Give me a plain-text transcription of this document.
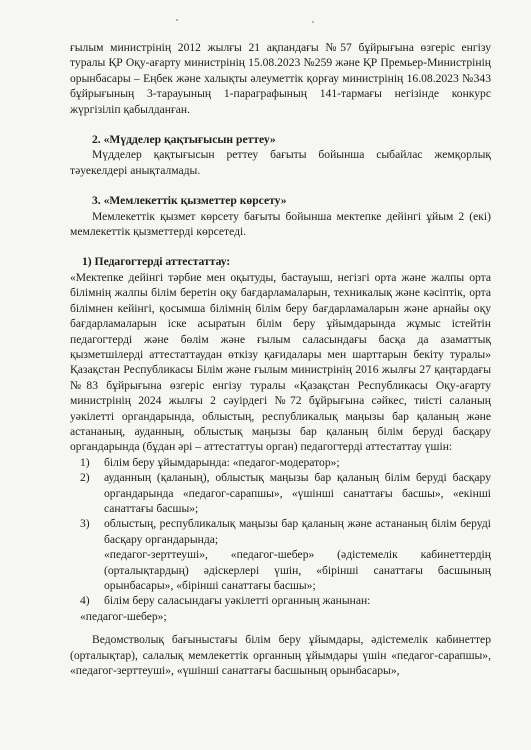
ғылым министрінің 2012 жылғы 21 ақпандағы №57 бұйрығына өзгеріс енгізу туралы ҚР Оқу-ағарту министрінің 15.08.2023 №259 және ҚР Премьер-Министрінің орынбасары – Еңбек және халықты әлеуметтік қорғау министрінің 16.08.2023 №343 бұйрығының 3-тарауының 1-параграфының 141-тармағы негізінде конкурс жүргізіліп қабылданған.

2. «Мүдделер қақтығысын реттеу»

Мүдделер қақтығысын реттеу бағыты бойынша сыбайлас жемқорлық тәуекелдері анықталмады.

3. «Мемлекеттік қызметтер көрсету»

Мемлекеттік қызмет көрсету бағыты бойынша мектепке дейінгі ұйым 2 (екі) мемлекеттік қызметтерді көрсетеді.

1) Педагогтерді аттестаттау:

«Мектепке дейінгі тәрбие мен оқытуды, бастауыш, негізгі орта және жалпы орта білімнің жалпы білім беретін оқу бағдарламаларын, техникалық және кәсіптік, орта білімнен кейінгі, қосымша білімнің білім беру бағдарламаларын және арнайы оқу бағдарламаларын іске асыратын білім беру ұйымдарында жұмыс істейтін педагогтерді және бөлім және ғылым саласындағы басқа да азаматтық қызметшілерді аттестаттаудан өткізу қағидалары мен шарттарын бекіту туралы» Қазақстан Республикасы Білім және ғылым министрінің 2016 жылғы 27 қаңтардағы №83 бұйрығына өзгеріс енгізу туралы «Қазақстан Республикасы Оқу-ағарту министрінің 2024 жылғы 2 сәуірдегі №72 бұйрығына сәйкес, тиісті саланың уәкілетті органдарында, облыстың, республикалық маңызы бар қаланың және астананың, ауданның, облыстық маңызы бар қаланың білім беруді басқару органдарында (бұдан әрі – аттестаттуы орган) педагогтерді аттестаттау үшін:

1) білім беру ұйымдарында: «педагог-модератор»;
2) ауданның (қаланың), облыстық маңызы бар қаланың білім беруді басқару органдарында «педагог-сарапшы», «үшінші санаттағы басшы», «екінші санаттағы басшы»;
3) облыстың, республикалық маңызы бар қаланың және астананың білім беруді басқару органдарында;
«педагог-зерттеуші», «педагог-шебер» (әдістемелік кабинеттердің (орталықтардың) әдіскерлері үшін, «бірінші санаттағы басшының орынбасары», «бірінші санаттағы басшы»;
4) білім беру саласындағы уәкілетті органның жанынан:
«педагог-шебер»;

Ведомстволық бағыныстағы білім беру ұйымдары, әдістемелік кабинеттер (орталықтар), салалық мемлекеттік органның ұйымдары үшін «педагог-сарапшы», «педагог-зерттеуші», «үшінші санаттағы басшының орынбасары»,
